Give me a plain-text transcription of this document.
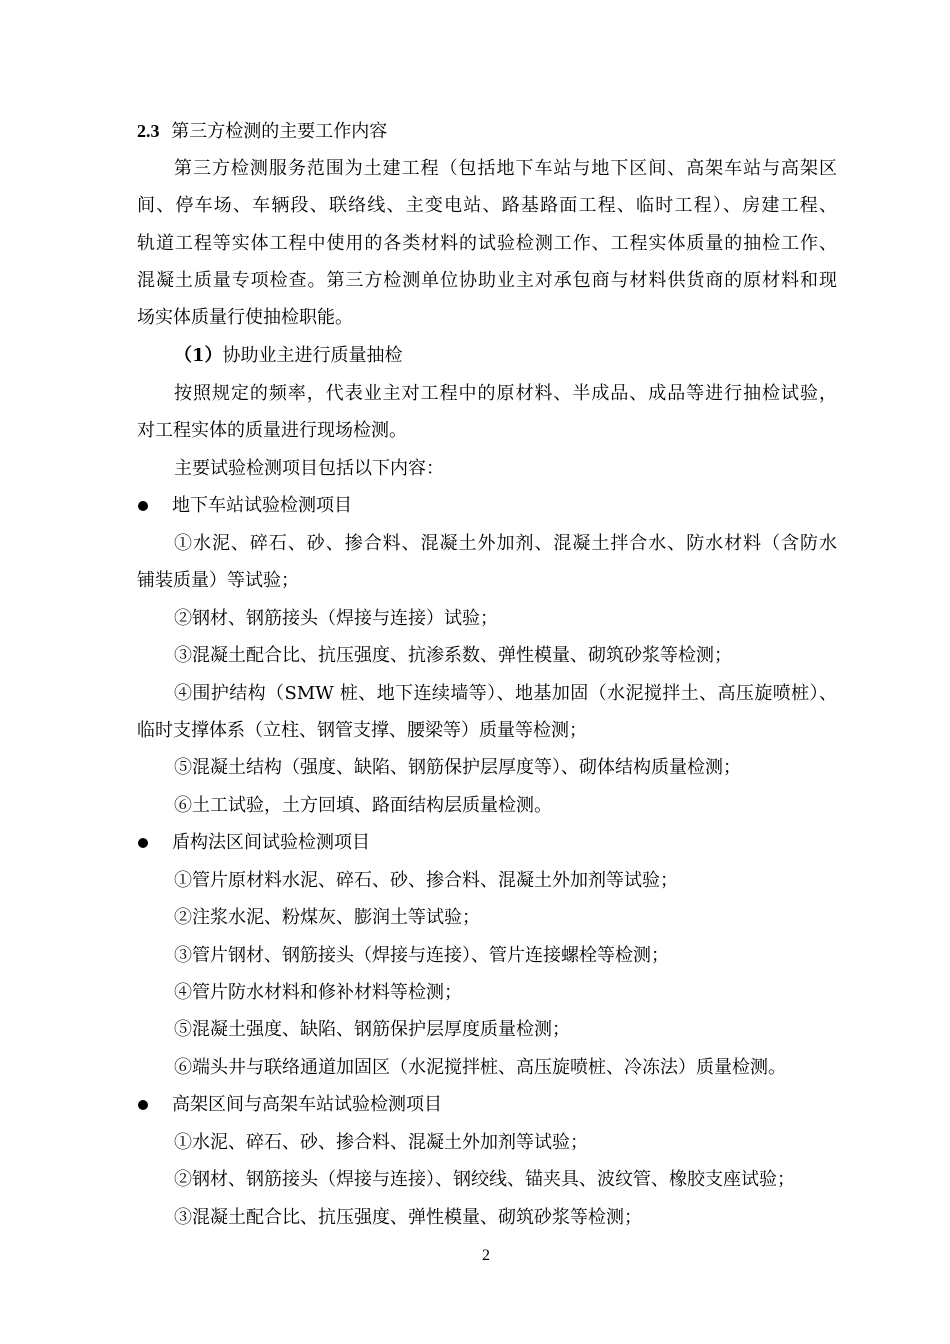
2.3 第三方检测的主要工作内容
第三方检测服务范围为土建工程（包括地下车站与地下区间、高架车站与高架区
间、停车场、车辆段、联络线、主变电站、路基路面工程、临时工程）、房建工程、
轨道工程等实体工程中使用的各类材料的试验检测工作、工程实体质量的抽检工作、
混凝土质量专项检查。第三方检测单位协助业主对承包商与材料供货商的原材料和现
场实体质量行使抽检职能。
（1）协助业主进行质量抽检
按照规定的频率，代表业主对工程中的原材料、半成品、成品等进行抽检试验，
对工程实体的质量进行现场检测。
主要试验检测项目包括以下内容：
地下车站试验检测项目
①水泥、碎石、砂、掺合料、混凝土外加剂、混凝土拌合水、防水材料（含防水
铺装质量）等试验；
②钢材、钢筋接头（焊接与连接）试验；
③混凝土配合比、抗压强度、抗渗系数、弹性模量、砌筑砂浆等检测；
④围护结构（SMW 桩、地下连续墙等）、地基加固（水泥搅拌土、高压旋喷桩）、
临时支撑体系（立柱、钢管支撑、腰梁等）质量等检测；
⑤混凝土结构（强度、缺陷、钢筋保护层厚度等）、砌体结构质量检测；
⑥土工试验，土方回填、路面结构层质量检测。
盾构法区间试验检测项目
①管片原材料水泥、碎石、砂、掺合料、混凝土外加剂等试验；
②注浆水泥、粉煤灰、膨润土等试验；
③管片钢材、钢筋接头（焊接与连接）、管片连接螺栓等检测；
④管片防水材料和修补材料等检测；
⑤混凝土强度、缺陷、钢筋保护层厚度质量检测；
⑥端头井与联络通道加固区（水泥搅拌桩、高压旋喷桩、冷冻法）质量检测。
高架区间与高架车站试验检测项目
①水泥、碎石、砂、掺合料、混凝土外加剂等试验；
②钢材、钢筋接头（焊接与连接）、钢绞线、锚夹具、波纹管、橡胶支座试验；
③混凝土配合比、抗压强度、弹性模量、砌筑砂浆等检测；
2
